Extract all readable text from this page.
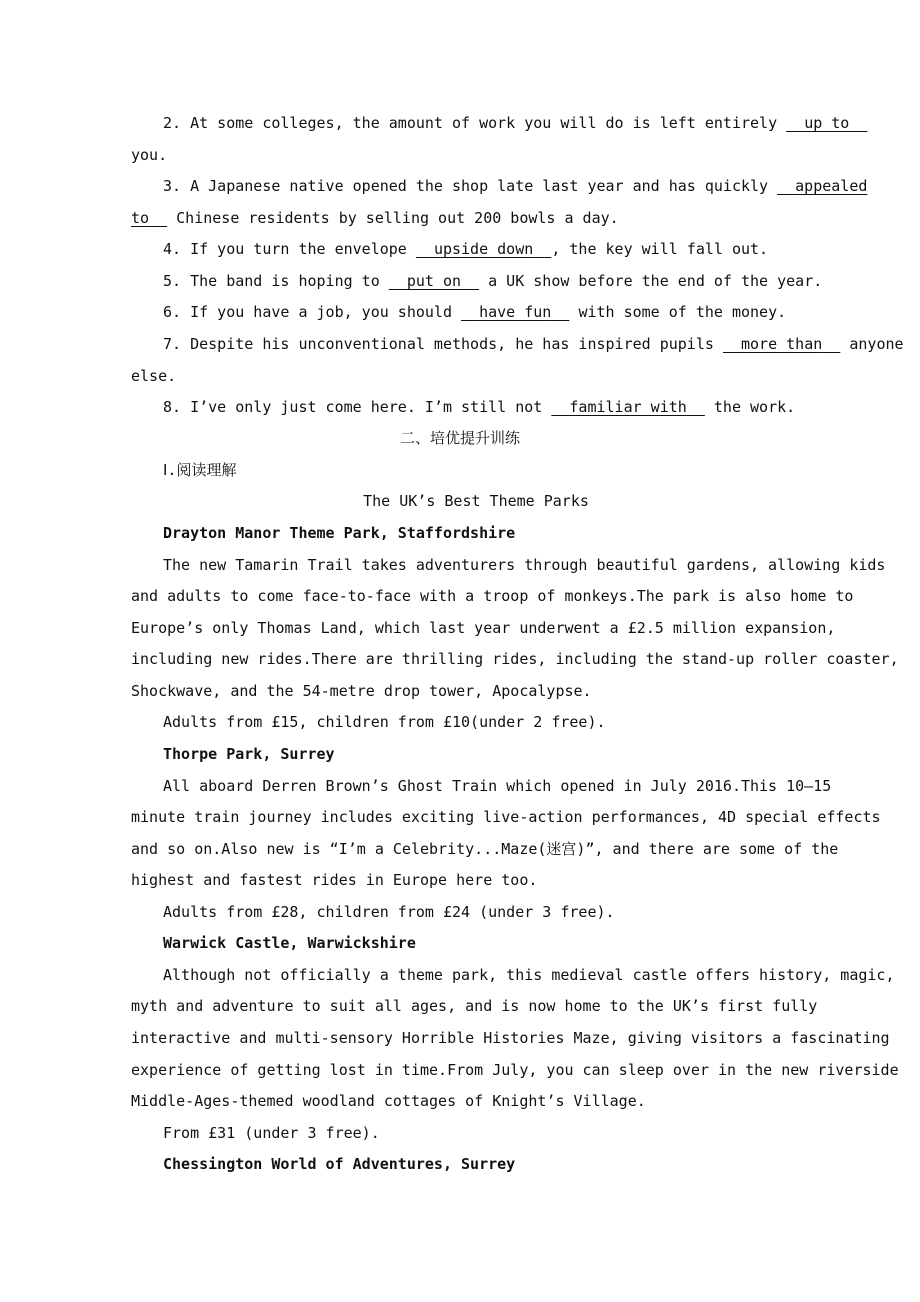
2. At some colleges, the amount of work you will do is left entirely up to
you.
3. A Japanese native opened the shop late last year and has quickly appealed
to Chinese residents by selling out 200 bowls a day.
4. If you turn the envelope upside down , the key will fall out.
5. The band is hoping to put on a UK show before the end of the year.
6. If you have a job, you should have fun with some of the money.
7. Despite his unconventional methods, he has inspired pupils more than anyone
else.
8. I’ve only just come here. I’m still not familiar with the work.
二、培优提升训练
Ⅰ.阅读理解
The UK’s Best Theme Parks
Drayton Manor Theme Park, Staffordshire
The new Tamarin Trail takes adventurers through beautiful gardens, allowing kids
and adults to come face-to-face with a troop of monkeys.The park is also home to
Europe’s only Thomas Land, which last year underwent a £2.5 million expansion,
including new rides.There are thrilling rides, including the stand-up roller coaster,
Shockwave, and the 54-metre drop tower, Apocalypse.
Adults from £15, children from £10(under 2 free).
Thorpe Park, Surrey
All aboard Derren Brown’s Ghost Train which opened in July 2016.This 10—15
minute train journey includes exciting live-action performances, 4D special effects
and so on.Also new is “I’m a Celebrity...Maze(迷宫)”, and there are some of the
highest and fastest rides in Europe here too.
Adults from £28, children from £24 (under 3 free).
Warwick Castle, Warwickshire
Although not officially a theme park, this medieval castle offers history, magic,
myth and adventure to suit all ages, and is now home to the UK’s first fully
interactive and multi-sensory Horrible Histories Maze, giving visitors a fascinating
experience of getting lost in time.From July, you can sleep over in the new riverside
Middle-Ages-themed woodland cottages of Knight’s Village.
From £31 (under 3 free).
Chessington World of Adventures, Surrey
